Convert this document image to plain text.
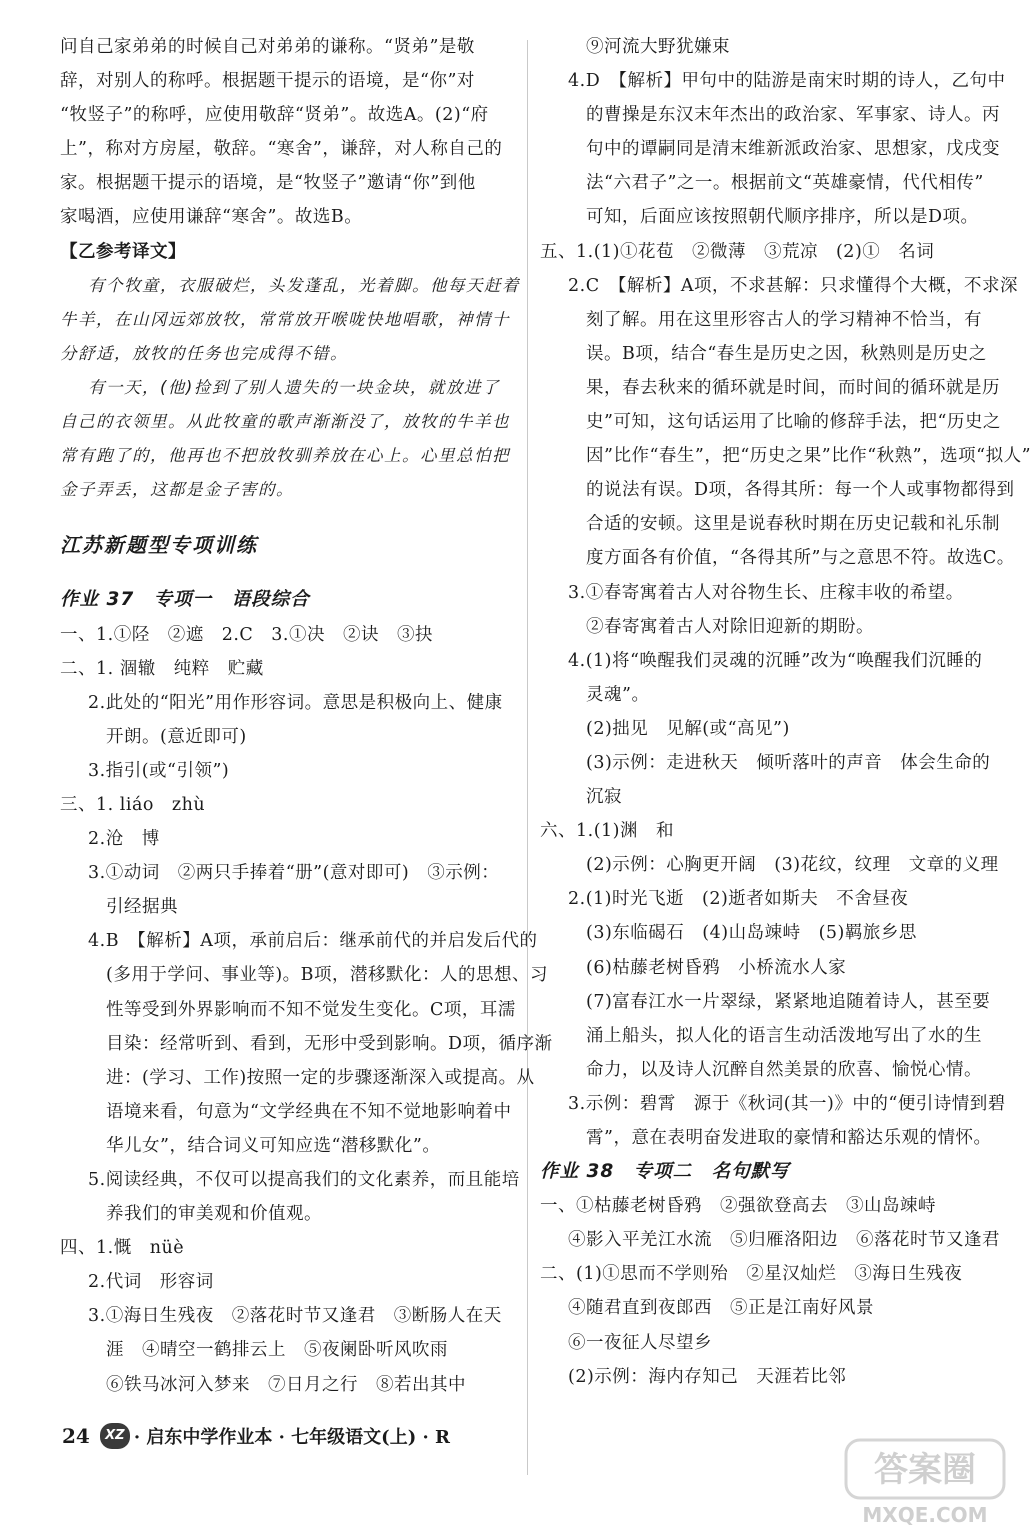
问自己家弟弟的时候自己对弟弟的谦称。“贤弟”是敬
辞，对别人的称呼。根据题干提示的语境，是“你”对
“牧竖子”的称呼，应使用敬辞“贤弟”。故选A。(2)“府
上”，称对方房屋，敬辞。“寒舍”，谦辞，对人称自己的
家。根据题干提示的语境，是“牧竖子”邀请“你”到他
家喝酒，应使用谦辞“寒舍”。故选B。
【乙参考译文】
有个牧童，衣服破烂，头发蓬乱，光着脚。他每天赶着
牛羊，在山冈远郊放牧，常常放开喉咙快地唱歌，神情十
分舒适，放牧的任务也完成得不错。
有一天，(他)捡到了别人遗失的一块金块，就放进了
自己的衣领里。从此牧童的歌声渐渐没了，放牧的牛羊也
常有跑了的，他再也不把放牧驯养放在心上。心里总怕把
金子弄丢，这都是金子害的。
江苏新题型专项训练
作业 37　专项一　语段综合
一、1.①陉　②遮　2.C　3.①决　②诀　③抉
二、1. 涸辙　纯粹　贮藏
2.此处的“阳光”用作形容词。意思是积极向上、健康
开朗。(意近即可)
3.指引(或“引领”)
三、1. liáo　zhù
2.沧　博
3.①动词　②两只手捧着“册”(意对即可)　③示例：
引经据典
4.B　【解析】A项，承前启后：继承前代的并启发后代的
(多用于学问、事业等)。B项，潜移默化：人的思想、习
性等受到外界影响而不知不觉发生变化。C项，耳濡
目染：经常听到、看到，无形中受到影响。D项，循序渐
进：(学习、工作)按照一定的步骤逐渐深入或提高。从
语境来看，句意为“文学经典在不知不觉地影响着中
华儿女”，结合词义可知应选“潜移默化”。
5.阅读经典，不仅可以提高我们的文化素养，而且能培
养我们的审美观和价值观。
四、1.慨　nüè
2.代词　形容词
3.①海日生残夜　②落花时节又逢君　③断肠人在天
涯　④晴空一鹤排云上　⑤夜阑卧听风吹雨
⑥铁马冰河入梦来　⑦日月之行　⑧若出其中
⑨河流大野犹嫌束
4.D　【解析】甲句中的陆游是南宋时期的诗人，乙句中
的曹操是东汉末年杰出的政治家、军事家、诗人。丙
句中的谭嗣同是清末维新派政治家、思想家，戊戌变
法“六君子”之一。根据前文“英雄豪情，代代相传”
可知，后面应该按照朝代顺序排序，所以是D项。
五、1.(1)①花苞　②微薄　③荒凉　(2)①　名词
2.C　【解析】A项，不求甚解：只求懂得个大概，不求深
刻了解。用在这里形容古人的学习精神不恰当，有
误。B项，结合“春生是历史之因，秋熟则是历史之
果，春去秋来的循环就是时间，而时间的循环就是历
史”可知，这句话运用了比喻的修辞手法，把“历史之
因”比作“春生”，把“历史之果”比作“秋熟”，选项“拟人”
的说法有误。D项，各得其所：每一个人或事物都得到
合适的安顿。这里是说春秋时期在历史记载和礼乐制
度方面各有价值，“各得其所”与之意思不符。故选C。
3.①春寄寓着古人对谷物生长、庄稼丰收的希望。
②春寄寓着古人对除旧迎新的期盼。
4.(1)将“唤醒我们灵魂的沉睡”改为“唤醒我们沉睡的
灵魂”。
(2)拙见　见解(或“高见”)
(3)示例：走进秋天　倾听落叶的声音　体会生命的
沉寂
六、1.(1)渊　和
(2)示例：心胸更开阔　(3)花纹，纹理　文章的义理
2.(1)时光飞逝　(2)逝者如斯夫　不舍昼夜
(3)东临碣石　(4)山岛竦峙　(5)羁旅乡思
(6)枯藤老树昏鸦　小桥流水人家
(7)富春江水一片翠绿，紧紧地追随着诗人，甚至要
涌上船头，拟人化的语言生动活泼地写出了水的生
命力，以及诗人沉醉自然美景的欣喜、愉悦心情。
3.示例：碧霄　源于《秋词(其一)》中的“便引诗情到碧
霄”，意在表明奋发进取的豪情和豁达乐观的情怀。
作业 38　专项二　名句默写
一、①枯藤老树昏鸦　②强欲登高去　③山岛竦峙
④影入平羌江水流　⑤归雁洛阳边　⑥落花时节又逢君
二、(1)①思而不学则殆　②星汉灿烂　③海日生残夜
④随君直到夜郎西　⑤正是江南好风景
⑥一夜征人尽望乡
(2)示例：海内存知己　天涯若比邻
24	XZ · 启东中学作业本 · 七年级语文(上) · R
答案圈
MXQE.COM
